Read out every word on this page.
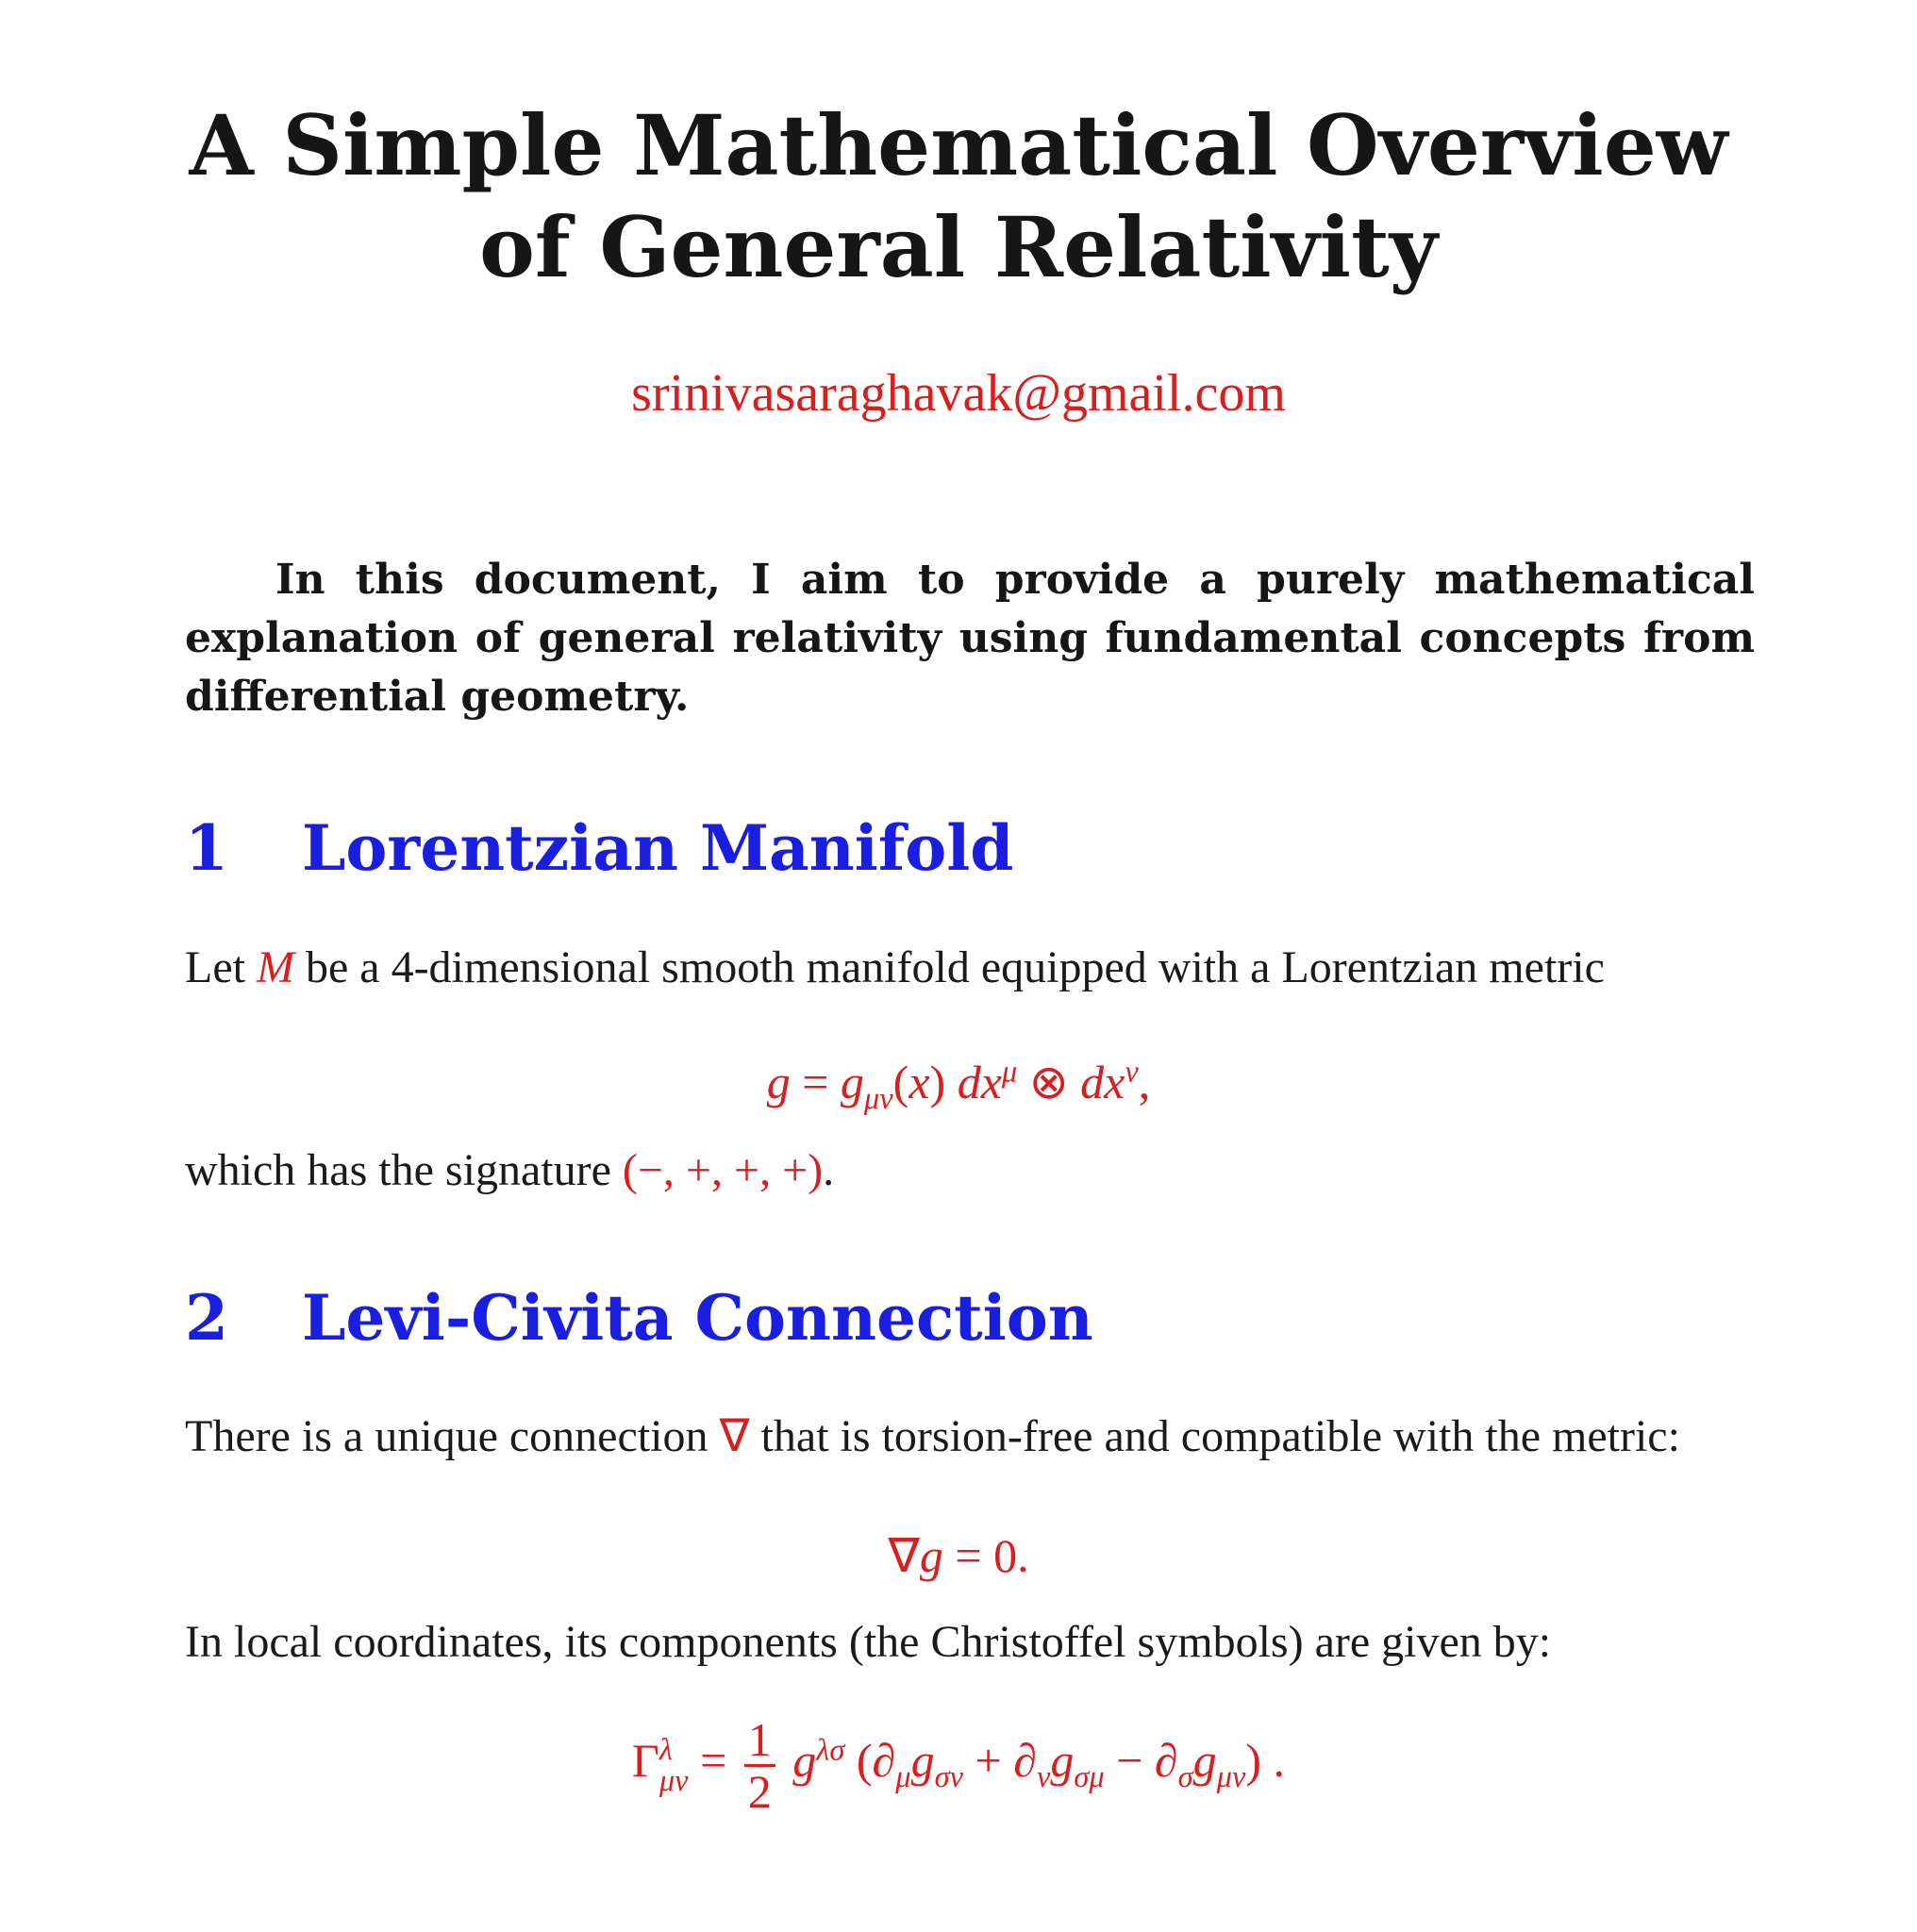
A Simple Mathematical Overview of General Relativity
srinivasaraghavak@gmail.com

In this document, I aim to provide a purely mathematical explanation of general relativity using fundamental concepts from differential geometry.

1 Lorentzian Manifold

Let M be a 4-dimensional smooth manifold equipped with a Lorentzian metric

$g = g_{\mu\nu}(x)$ $dx^\mu$ ⊗ $dx^\nu$,

which has the signature (−, +, +, +).

2 Levi-Civita Connection

There is a unique connection ∇ that is torsion-free and compatible with the metric:

∇g = 0.

In local coordinates, its components (the Christoffel symbols) are given by:

Γ λ
$\mu\nu = \frac{1}{2} g^{\lambda\sigma}$ $(\partial_\mu g_{\sigma\nu} + \partial_\nu g_{\sigma\mu} - \partial_\sigma g_{\mu\nu})$ .
